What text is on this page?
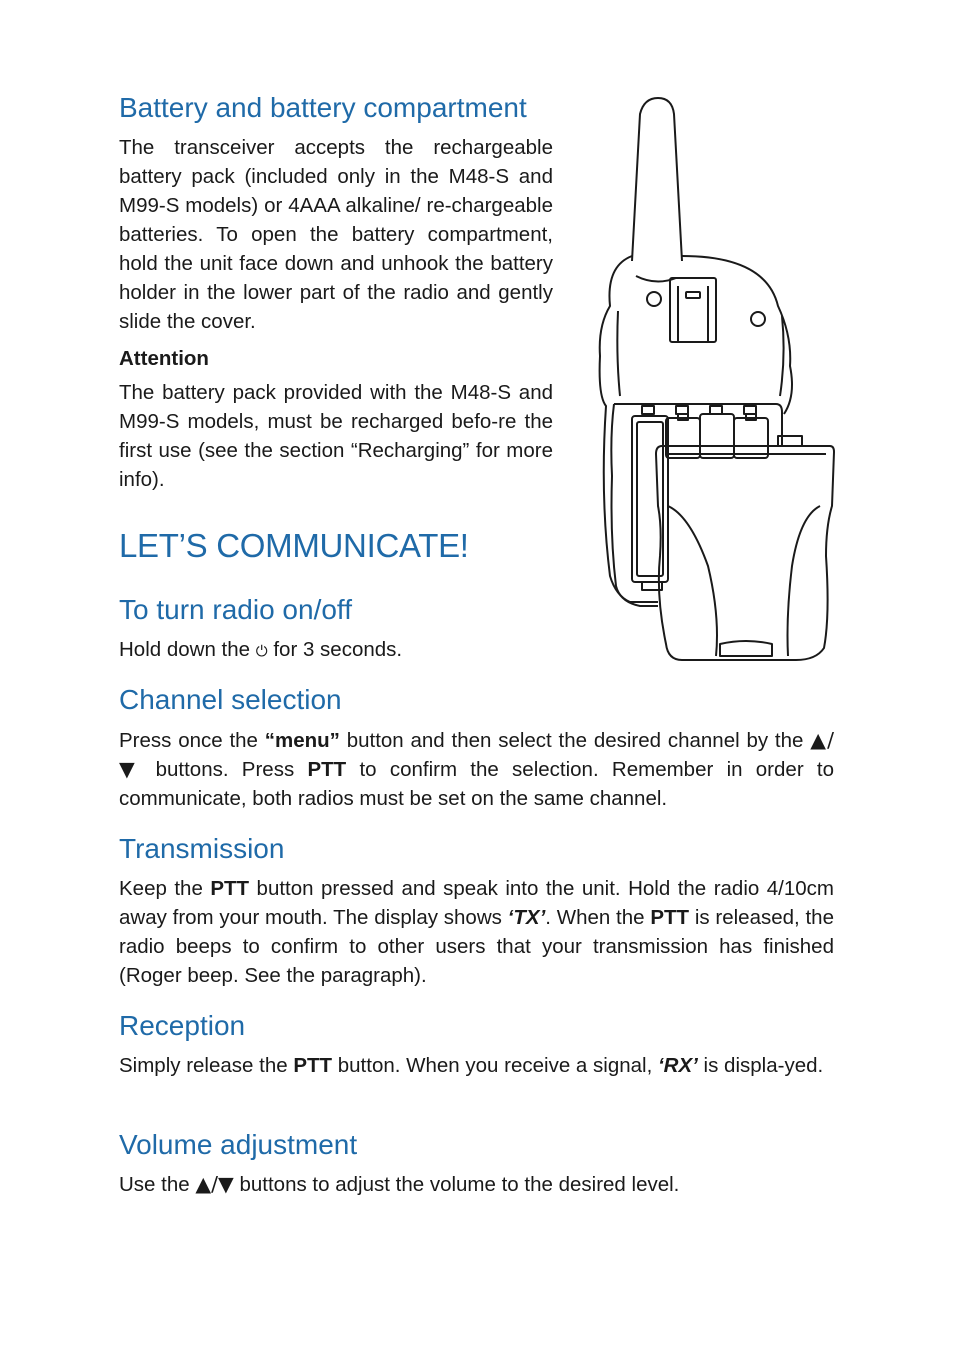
Battery and battery compartment

The transceiver accepts the rechargeable battery pack (included only in the M48-S and M99-S models) or 4AAA alkaline/ re-chargeable batteries. To open the battery compartment, hold the unit face down and unhook the battery holder in the lower part of the radio and gently slide the cover.

Attention

The battery pack provided with the M48-S and M99-S models, must be recharged befo-re the first use (see the section “Recharging” for more info).

LET’S COMMUNICATE!
To turn radio on/off

Hold down the ⏻ for 3 seconds.

Channel selection

Press once the “menu” button and then select the desired channel by the ▲/▼ buttons. Press PTT to confirm the selection. Remember in order to communicate, both radios must be set on the same channel.

Transmission

Keep the PTT button pressed and speak into the unit. Hold the radio 4/10cm away from your mouth. The display shows ‘TX’. When the PTT is released, the radio beeps to confirm to other users that your transmission has finished (Roger beep. See the paragraph).

Reception

Simply release the PTT button. When you receive a signal, ‘RX’ is displa-yed.

Volume adjustment

Use the ▲/▼ buttons to adjust the volume to the desired level.
